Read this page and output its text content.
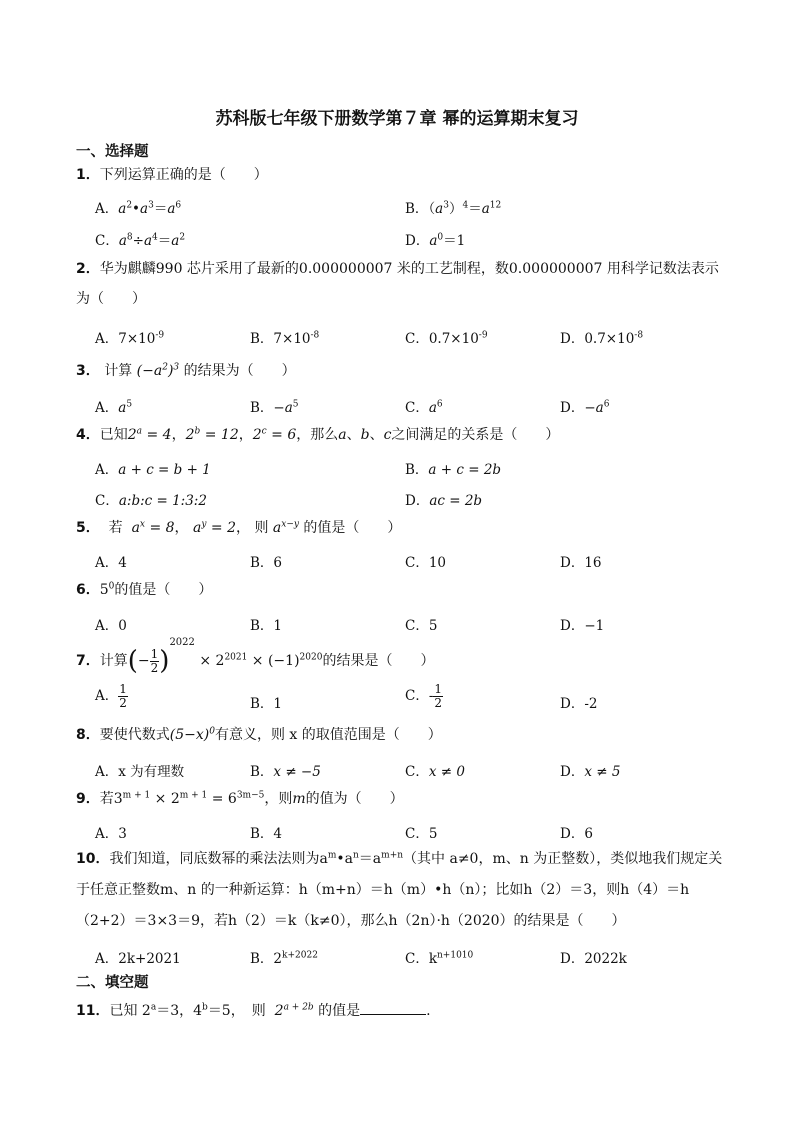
苏科版七年级下册数学第７章 幂的运算期末复习
一、选择题
1．下列运算正确的是（　　）
A．$a^2•a^3=a^6$	B．$(a^3)^4=a^{12}$
C．$a^8\div a^4=a^2$	D．$a^0=1$
2．华为麒麟990 芯片采用了最新的0.000000007 米的工艺制程，数0.000000007 用科学记数法表示
为（　　）
A．$7\times 10^{-9}$	B．$7\times 10^{-8}$	C．$0.7\times 10^{-9}$	D．$0.7\times 10^{-8}$
3． 计算 $(-a^2)^3$ 的结果为（　　）
A．$a^5$	B．$-a^5$	C．$a^6$	D．$-a^6$
4．已知$2^a = 4$，$2^b = 12$，$2^c = 6$，那么a、b、c之间满足的关系是（　　）
A．a + c = b + 1	B．a + c = 2b
C．a:b:c = 1:3:2	D．ac = 2b
5． 若 $a^x = 8$， $a^y = 2$， 则 $a^{x-y}$ 的值是（　　）
A．4	B．6	C．10	D．16
6．$5^0$的值是（　　）
A．0	B．1	C．5	D．−1
7．计算(− $\frac{1}{2} )^{2022} \times 2^{2021} \times (-1)^{2020}$的结果是（　　）
A． $\frac{1}{2}$	B．1	C．- $\frac{1}{2}$	D．-2
8．要使代数式$(5-x)^0$有意义，则 x 的取值范围是（　　）
A．x 为有理数	B．x ≠ −5	C．x ≠ 0	D．x ≠ 5
9．若$3^{m + 1} \times 2^{m + 1} = 6^{3m-5}$，则m的值为（　　）
A．3	B．4	C．5	D．6
10．我们知道，同底数幂的乘法法则为$a^m•a^n=a^{m+n}$（其中 a≠0，m、n 为正整数），类似地我们规定关
于任意正整数m、n 的一种新运算：h（m+n）＝h（m）•h（n）；比如h（2）＝3，则h（4）＝h
（2+2）＝3×3＝9，若h（2）＝k（k≠0），那么h（2n）·h（2020）的结果是（　　）
A．2k+2021	B．$2^{k+2022}$	C．$k^{n+1010}$	D．2022k
二、填空题
11．已知 $2^a=3$，$4^b=5$，　则 $2^{a + 2b}$ 的值是	.
